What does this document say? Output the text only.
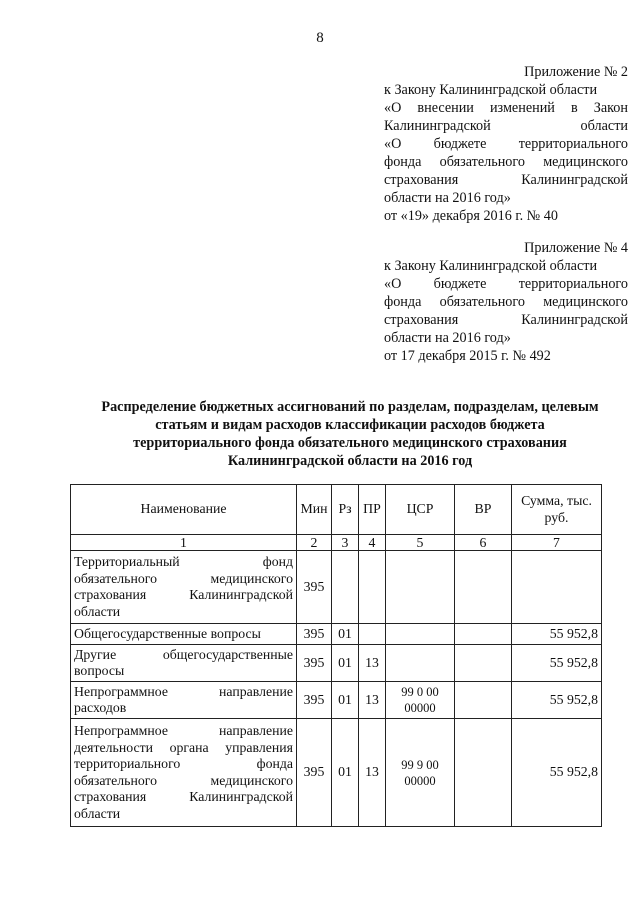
8
Приложение № 2
к Закону Калининградской области
«О внесении изменений в Закон
Калининградской области
«О бюджете территориального
фонда обязательного медицинского
страхования Калининградской
области на 2016 год»
от «19» декабря 2016 г. № 40
Приложение № 4
к Закону Калининградской области
«О бюджете территориального
фонда обязательного медицинского
страхования Калининградской
области на 2016 год»
от 17 декабря 2015 г. № 492
Распределение бюджетных ассигнований по разделам, подразделам, целевым
статьям и видам расходов классификации расходов бюджета
территориального фонда обязательного медицинского страхования
Калининградской области на 2016 год
Наименование	Мин	Рз	ПР	ЦСР	ВР	Сумма, тыс. руб.
1	2	3	4	5	6	7
Территориальный фонд обязательного медицинского страхования Калининградской области	395					
Общегосударственные вопросы	395	01				55 952,8
Другие общегосударственные вопросы	395	01	13			55 952,8
Непрограммное направление расходов	395	01	13	99 0 00 00000		55 952,8
Непрограммное направление деятельности органа управления территориального фонда обязательного медицинского страхования Калининградской области	395	01	13	99 9 00 00000		55 952,8
